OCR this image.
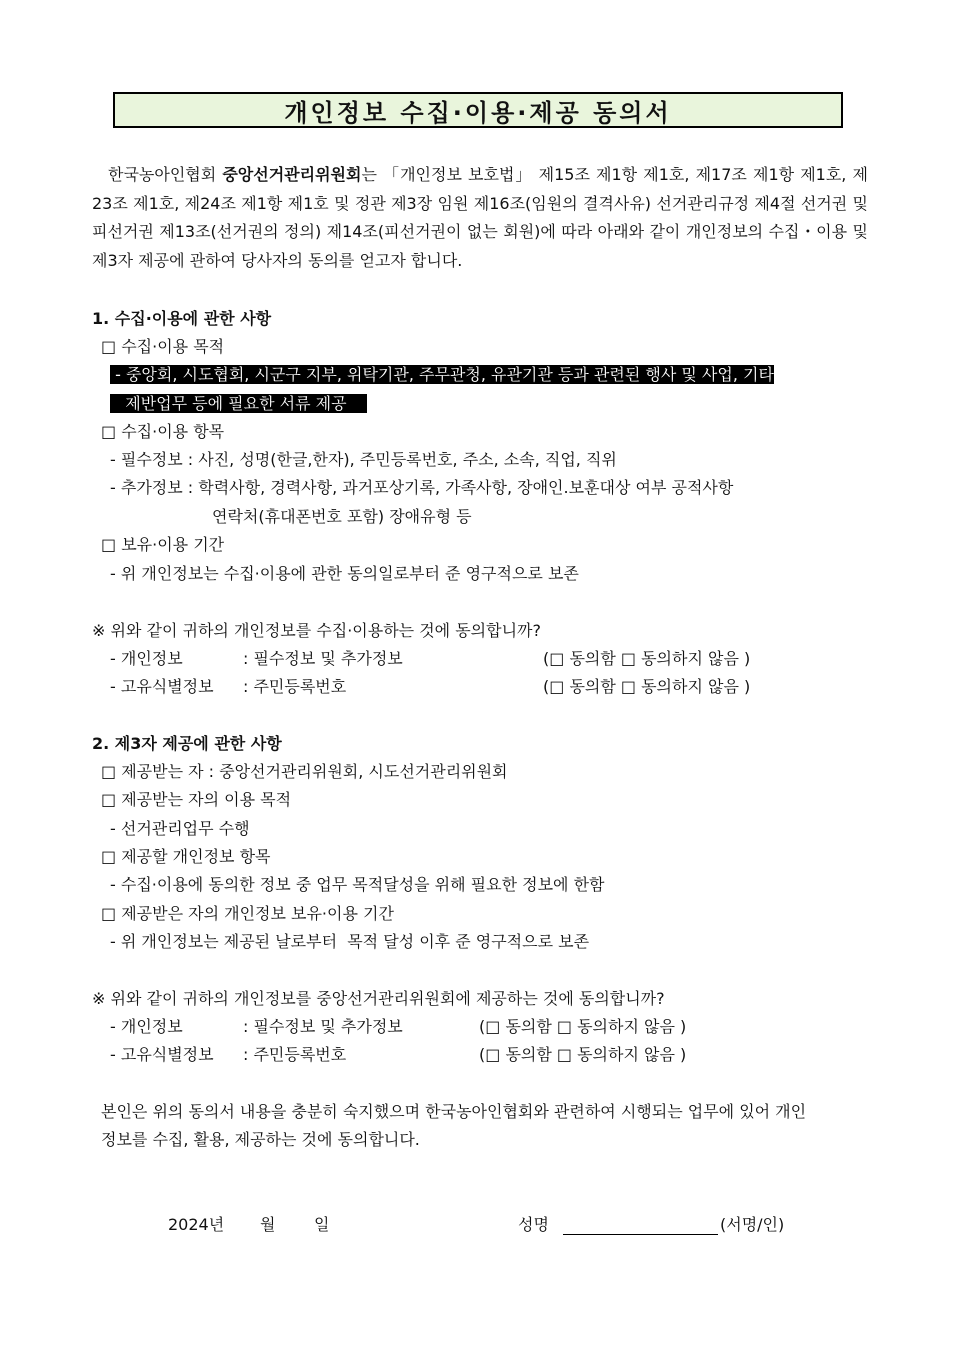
개인정보 수집·이용·제공 동의서
한국농아인협회 중앙선거관리위원회는 「개인정보 보호법」 제15조 제1항 제1호, 제17조 제1항 제1호, 제23조 제1호, 제24조 제1항 제1호 및 정관 제3장 임원 제16조(임원의 결격사유) 선거관리규정 제4절 선거권 및 피선거권 제13조(선거권의 정의) 제14조(피선거권이 없는 회원)에 따라 아래와 같이 개인정보의 수집・이용 및 제3자 제공에 관하여 당사자의 동의를 얻고자 합니다.
1. 수집·이용에 관한 사항
□ 수집·이용 목적
- 중앙회, 시도협회, 시군구 지부, 위탁기관, 주무관청, 유관기관 등과 관련된 행사 및 사업, 기타
제반업무 등에 필요한 서류 제공
□ 수집·이용 항목
- 필수정보 : 사진, 성명(한글,한자), 주민등록번호, 주소, 소속, 직업, 직위
- 추가정보 : 학력사항, 경력사항, 과거포상기록, 가족사항, 장애인.보훈대상 여부 공적사항
연락처(휴대폰번호 포함) 장애유형 등
□ 보유·이용 기간
- 위 개인정보는 수집·이용에 관한 동의일로부터 준 영구적으로 보존
※ 위와 같이 귀하의 개인정보를 수집·이용하는 것에 동의합니까?
- 개인정보	: 필수정보 및 추가정보	(□ 동의함 □ 동의하지 않음 )
- 고유식별정보 : 주민등록번호	(□ 동의함 □ 동의하지 않음 )
2. 제3자 제공에 관한 사항
□ 제공받는 자 : 중앙선거관리위원회, 시도선거관리위원회
□ 제공받는 자의 이용 목적
- 선거관리업무 수행
□ 제공할 개인정보 항목
- 수집·이용에 동의한 정보 중 업무 목적달성을 위해 필요한 정보에 한함
□ 제공받은 자의 개인정보 보유·이용 기간
- 위 개인정보는 제공된 날로부터  목적 달성 이후 준 영구적으로 보존
※ 위와 같이 귀하의 개인정보를 중앙선거관리위원회에 제공하는 것에 동의합니까?
- 개인정보	: 필수정보 및 추가정보	(□ 동의함 □ 동의하지 않음 )
- 고유식별정보 : 주민등록번호	(□ 동의함 □ 동의하지 않음 )
본인은 위의 동의서 내용을 충분히 숙지했으며 한국농아인협회와 관련하여 시행되는 업무에 있어 개인
정보를 수집, 활용, 제공하는 것에 동의합니다.
2024년 월 일	성명	(서명/인)
